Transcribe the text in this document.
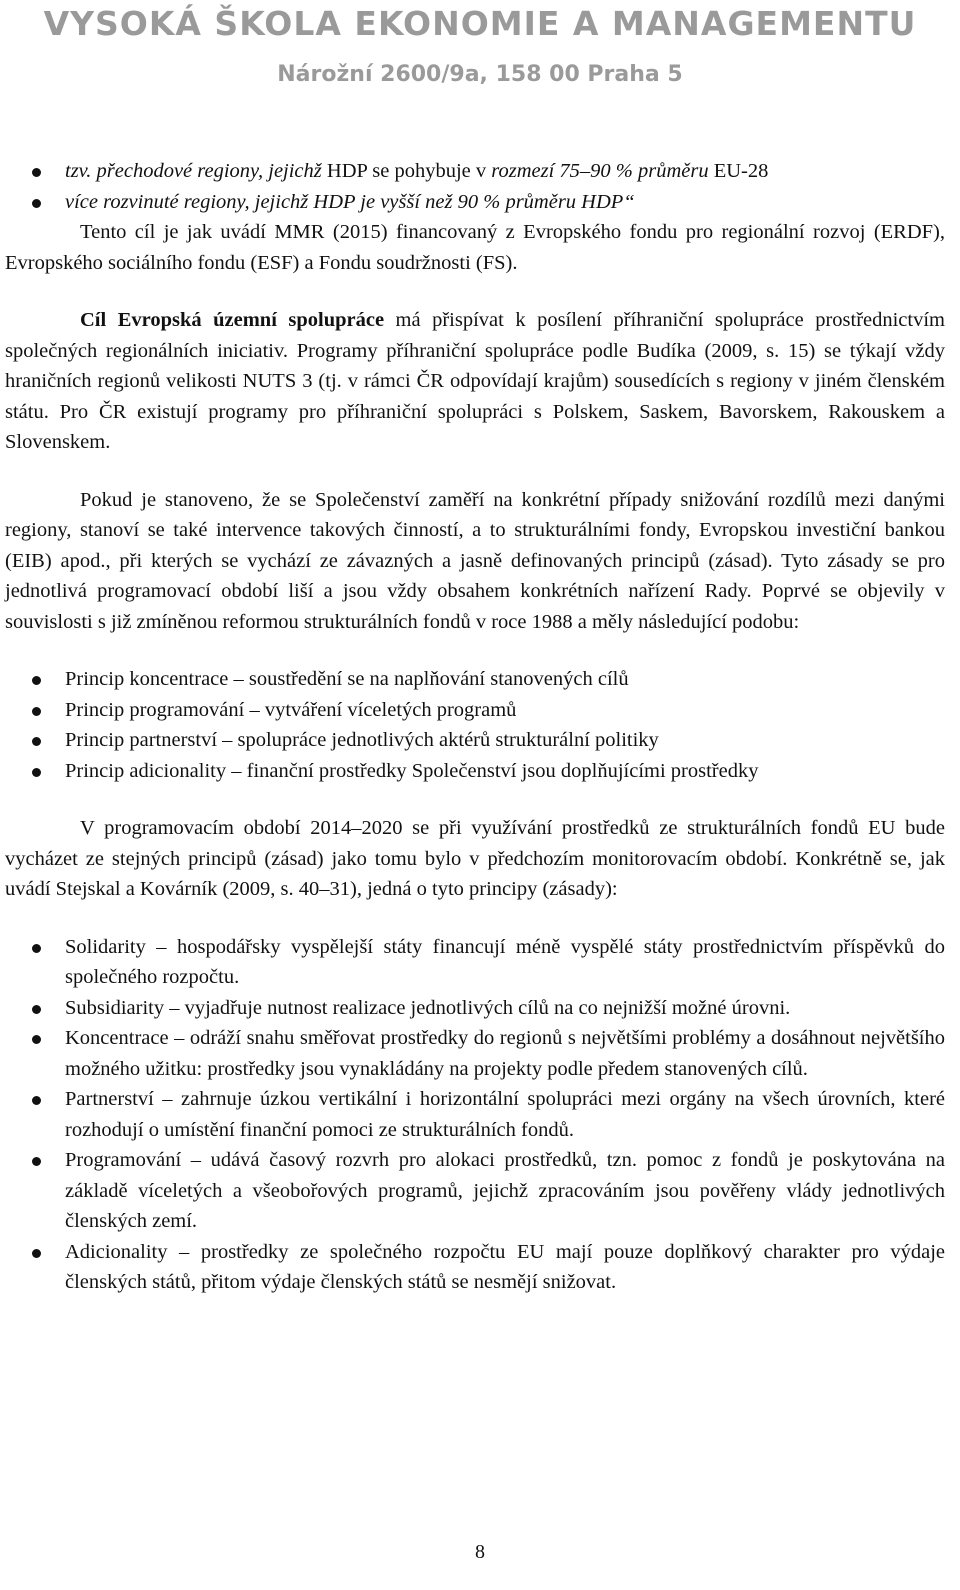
VYSOKÁ ŠKOLA EKONOMIE A MANAGEMENTU
Nárožní 2600/9a, 158 00 Praha 5
tzv. přechodové regiony, jejichž HDP se pohybuje v rozmezí 75–90 % průměru EU-28
více rozvinuté regiony, jejichž HDP je vyšší než 90 % průměru HDP“

Tento cíl je jak uvádí MMR (2015) financovaný z Evropského fondu pro regionální rozvoj (ERDF), Evropského sociálního fondu (ESF) a Fondu soudržnosti (FS).

Cíl Evropská územní spolupráce má přispívat k posílení příhraniční spolupráce prostřednictvím společných regionálních iniciativ. Programy příhraniční spolupráce podle Budíka (2009, s. 15) se týkají vždy hraničních regionů velikosti NUTS 3 (tj. v rámci ČR odpovídají krajům) sousedících s regiony v jiném členském státu. Pro ČR existují programy pro příhraniční spolupráci s Polskem, Saskem, Bavorskem, Rakouskem a Slovenskem.

Pokud je stanoveno, že se Společenství zaměří na konkrétní případy snižování rozdílů mezi danými regiony, stanoví se také intervence takových činností, a to strukturálními fondy, Evropskou investiční bankou (EIB) apod., při kterých se vychází ze závazných a jasně definovaných principů (zásad). Tyto zásady se pro jednotlivá programovací období liší a jsou vždy obsahem konkrétních nařízení Rady. Poprvé se objevily v souvislosti s již zmíněnou reformou strukturálních fondů v roce 1988 a měly následující podobu:

Princip koncentrace – soustředění se na naplňování stanovených cílů
Princip programování – vytváření víceletých programů
Princip partnerství – spolupráce jednotlivých aktérů strukturální politiky
Princip adicionality – finanční prostředky Společenství jsou doplňujícími prostředky

V programovacím období 2014–2020 se při využívání prostředků ze strukturálních fondů EU bude vycházet ze stejných principů (zásad) jako tomu bylo v předchozím monitorovacím období. Konkrétně se, jak uvádí Stejskal a Kovárník (2009, s. 40–31), jedná o tyto principy (zásady):

Solidarity – hospodářsky vyspělejší státy financují méně vyspělé státy prostřednictvím příspěvků do společného rozpočtu.
Subsidiarity – vyjadřuje nutnost realizace jednotlivých cílů na co nejnižší možné úrovni.
Koncentrace – odráží snahu směřovat prostředky do regionů s největšími problémy a dosáhnout největšího možného užitku: prostředky jsou vynakládány na projekty podle předem stanovených cílů.
Partnerství – zahrnuje úzkou vertikální i horizontální spolupráci mezi orgány na všech úrovních, které rozhodují o umístění finanční pomoci ze strukturálních fondů.
Programování – udává časový rozvrh pro alokaci prostředků, tzn. pomoc z fondů je poskytována na základě víceletých a všeobořových programů, jejichž zpracováním jsou pověřeny vlády jednotlivých členských zemí.
Adicionality – prostředky ze společného rozpočtu EU mají pouze doplňkový charakter pro výdaje členských států, přitom výdaje členských států se nesmějí snižovat.
8
